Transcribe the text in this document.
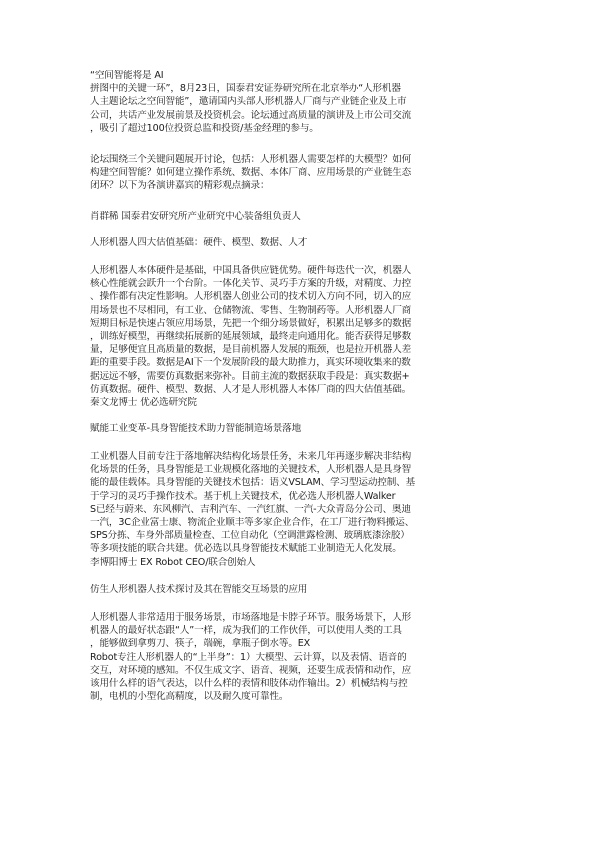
“空间智能将是 AI
拼图中的关键一环”，8月23日，国泰君安证券研究所在北京举办“人形机器
人主题论坛之空间智能”，邀请国内头部人形机器人厂商与产业链企业及上市
公司，共话产业发展前景及投资机会。论坛通过高质量的演讲及上市公司交流
，吸引了超过100位投资总监和投资/基金经理的参与。
论坛围绕三个关键问题展开讨论，包括：人形机器人需要怎样的大模型？如何
构建空间智能？如何建立操作系统、数据、本体厂商、应用场景的产业链生态
闭环？以下为各演讲嘉宾的精彩观点摘录：
肖群稀 国泰君安研究所产业研究中心装备组负责人
人形机器人四大估值基础：硬件、模型、数据、人才
人形机器人本体硬件是基础，中国具备供应链优势。硬件每迭代一次，机器人
核心性能就会跃升一个台阶。一体化关节、灵巧手方案的升级，对精度、力控
、操作都有决定性影响。人形机器人创业公司的技术切入方向不同，切入的应
用场景也不尽相同，有工业、仓储物流、零售、生物制药等。人形机器人厂商
短期目标是快速占领应用场景，先把一个细分场景做好，积累出足够多的数据
，训练好模型，再继续拓展新的延展领域，最终走向通用化。能否获得足够数
量，足够便宜且高质量的数据，是目前机器人发展的瓶颈，也是拉开机器人差
距的重要手段。数据是AI下一个发展阶段的最大助推力，真实环境收集来的数
据远远不够，需要仿真数据来弥补。目前主流的数据获取手段是：真实数据+
仿真数据。硬件、模型、数据、人才是人形机器人本体厂商的四大估值基础。
秦文龙博士 优必选研究院
赋能工业变革-具身智能技术助力智能制造场景落地
工业机器人目前专注于落地解决结构化场景任务，未来几年再逐步解决非结构
化场景的任务，具身智能是工业规模化落地的关键技术，人形机器人是具身智
能的最佳载体。具身智能的关键技术包括：语义VSLAM、学习型运动控制、基
于学习的灵巧手操作技术。基于机上关键技术，优必选人形机器人Walker
S已经与蔚来、东风柳汽、吉利汽车、一汽红旗、一汽-大众青岛分公司、奥迪
一汽，3C企业富士康、物流企业顺丰等多家企业合作，在工厂进行物料搬运、
SPS分拣、车身外部质量检查、工位自动化（空调泄露检测、玻璃底漆涂胶）
等多项技能的联合共建。优必选以具身智能技术赋能工业制造无人化发展。
李博阳博士 EX Robot CEO/联合创始人
仿生人形机器人技术探讨及其在智能交互场景的应用
人形机器人非常适用于服务场景，市场落地是卡脖子环节。服务场景下，人形
机器人的最好状态跟“人”一样，成为我们的工作伙伴，可以使用人类的工具
，能够做到拿剪刀、筷子，端碗，拿瓶子倒水等。EX
Robot专注人形机器人的“上半身”：1）大模型、云计算，以及表情、语音的
交互，对环境的感知。不仅生成文字、语音、视频，还要生成表情和动作，应
该用什么样的语气表达，以什么样的表情和肢体动作输出。2）机械结构与控
制，电机的小型化高精度，以及耐久度可靠性。
